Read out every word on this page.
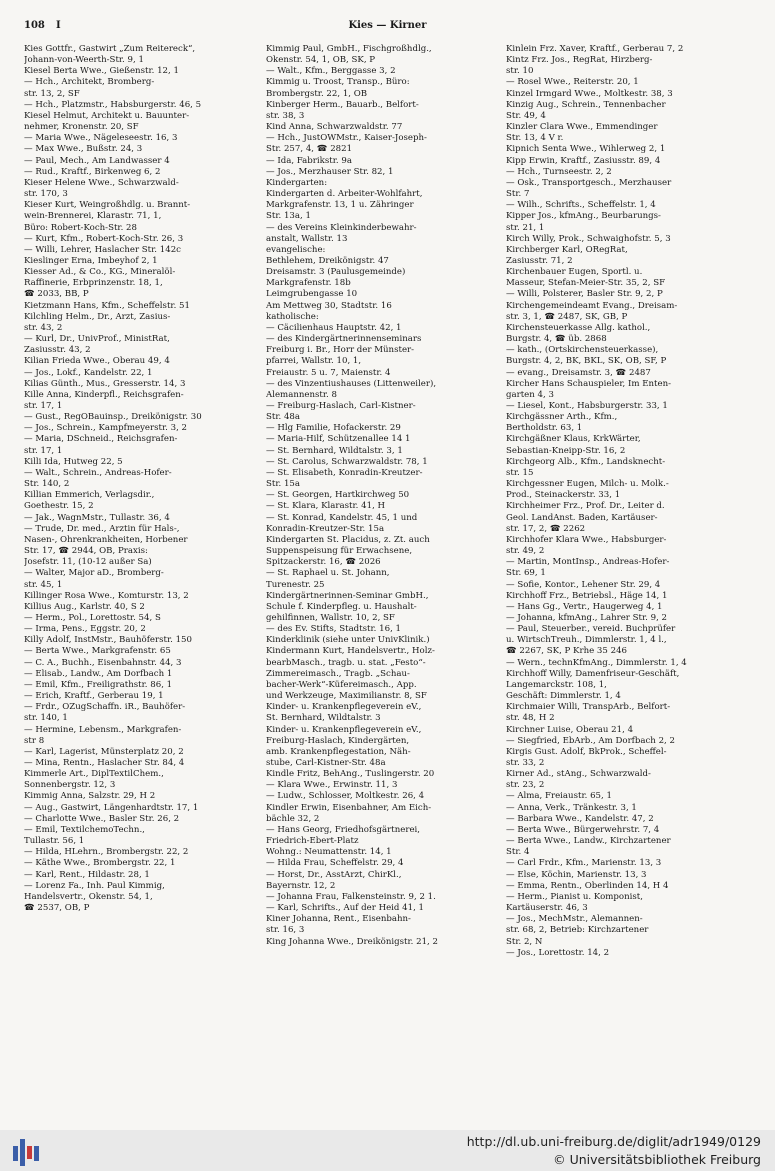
108 I	Kies — Kirner

Kies Gottfr., Gastwirt „Zum Reitereck“,

Johann-von-Weerth-Str. 9, 1

Kiesel Berta Wwe., Gießenstr. 12, 1

— Hch., Architekt, Bromberg-

str. 13, 2, SF

— Hch., Platzmstr., Habsburgerstr. 46, 5

Kiesel Helmut, Architekt u. Bauunter-

nehmer, Kronenstr. 20, SF

— Maria Wwe., Nägeleseestr. 16, 3

— Max Wwe., Bußstr. 24, 3

— Paul, Mech., Am Landwasser 4

— Rud., Kraftf., Birkenweg 6, 2

Kieser Helene Wwe., Schwarzwald-

str. 170, 3

Kieser Kurt, Weingroßhdlg. u. Brannt-

wein-Brennerei, Klarastr. 71, 1,

Büro: Robert-Koch-Str. 28

— Kurt, Kfm., Robert-Koch-Str. 26, 3

— Willi, Lehrer, Haslacher Str. 142c

Kieslinger Erna, Imbeyhof 2, 1

Kiesser Ad., & Co., KG., Mineralöl-

Raffinerie, Erbprinzenstr. 18, 1,

☎ 2033, BB, P

Kietzmann Hans, Kfm., Scheffelstr. 51

Kilchling Helm., Dr., Arzt, Zasius-

str. 43, 2

— Kurl, Dr., UnivProf., MinistRat,

Zasiusstr. 43, 2

Kilian Frieda Wwe., Oberau 49, 4

— Jos., Lokf., Kandelstr. 22, 1

Kilias Günth., Mus., Gresserstr. 14, 3

Kille Anna, Kinderpfl., Reichsgrafen-

str. 17, 1

— Gust., RegOBauinsp., Dreikönigstr. 30

— Jos., Schrein., Kampfmeyerstr. 3, 2

— Maria, DSchneid., Reichsgrafen-

str. 17, 1

Killi Ida, Hutweg 22, 5

— Walt., Schrein., Andreas-Hofer-

Str. 140, 2

Killian Emmerich, Verlagsdir.,

Goethestr. 15, 2

— Jak., WagnMstr., Tullastr. 36, 4

— Trude, Dr. med., Ärztin für Hals-,

Nasen-, Ohrenkrankheiten, Horbener

Str. 17, ☎ 2944, OB, Praxis:

Josefstr. 11, (10-12 außer Sa)

— Walter, Major aD., Bromberg-

str. 45, 1

Killinger Rosa Wwe., Komturstr. 13, 2

Killius Aug., Karlstr. 40, S 2

— Herm., Pol., Lorettostr. 54, S

— Irma, Pens., Eggstr. 20, 2

Killy Adolf, InstMstr., Bauhöferstr. 150

— Berta Wwe., Markgrafenstr. 65

— C. A., Buchh., Eisenbahnstr. 44, 3

— Elisab., Landw., Am Dorfbach 1

— Emil, Kfm., Freiligrathstr. 86, 1

— Erich, Kraftf., Gerberau 19, 1

— Frdr., OZugSchaffn. iR., Bauhöfer-

str. 140, 1

— Hermine, Lebensm., Markgrafen-

str 8

— Karl, Lagerist, Münsterplatz 20, 2

— Mina, Rentn., Haslacher Str. 84, 4

Kimmerle Art., DiplTextilChem.,

Sonnenbergstr. 12, 3

Kimmig Anna, Salzstr. 29, H 2

— Aug., Gastwirt, Längenhardtstr. 17, 1

— Charlotte Wwe., Basler Str. 26, 2

— Emil, TextilchemoTechn.,

Tullastr. 56, 1

— Hilda, HLehrn., Brombergstr. 22, 2

— Käthe Wwe., Brombergstr. 22, 1

— Karl, Rent., Hildastr. 28, 1

— Lorenz Fa., Inh. Paul Kimmig,

Handelsvertr., Okenstr. 54, 1,

☎ 2537, OB, P

Kimmig Paul, GmbH., Fischgroßhdlg.,

Okenstr. 54, 1, OB, SK, P

— Walt., Kfm., Berggasse 3, 2

Kimmig u. Troost, Transp., Büro:

Brombergstr. 22, 1, OB

Kinberger Herm., Bauarb., Belfort-

str. 38, 3

Kind Anna, Schwarzwaldstr. 77

— Hch., JustOWMstr., Kaiser-Joseph-

Str. 257, 4, ☎ 2821

— Ida, Fabrikstr. 9a

— Jos., Merzhauser Str. 82, 1

Kindergarten:

Kindergarten d. Arbeiter-Wohlfahrt,

Markgrafenstr. 13, 1 u. Zähringer

Str. 13a, 1

— des Vereins Kleinkinderbewahr-

anstalt, Wallstr. 13

evangelische:

Bethlehem, Dreikönigstr. 47

Dreisamstr. 3 (Paulusgemeinde)

Markgrafenstr. 18b

Leimgrubengasse 10

Am Mettweg 30, Stadtstr. 16

katholische:

— Cäcilienhaus Hauptstr. 42, 1

— des Kindergärtnerinnenseminars

Freiburg i. Br., Horr der Münster-

pfarrei, Wallstr. 10, 1,

Freiaustr. 5 u. 7, Maienstr. 4

— des Vinzentiushauses (Littenweiler),

Alemannenstr. 8

— Freiburg-Haslach, Carl-Kistner-

Str. 48a

— Hlg Familie, Hofackerstr. 29

— Maria-Hilf, Schützenallee 14 1

— St. Bernhard, Wildtalstr. 3, 1

— St. Carolus, Schwarzwaldstr. 78, 1

— St. Elisabeth, Konradin-Kreutzer-

Str. 15a

— St. Georgen, Hartkirchweg 50

— St. Klara, Klarastr. 41, H

— St. Konrad, Kandelstr. 45, 1 und

Konradin-Kreutzer-Str. 15a

Kindergarten St. Placidus, z. Zt. auch

Suppenspeisung für Erwachsene,

Spitzackerstr. 16, ☎ 2026

— St. Raphael u. St. Johann,

Turenestr. 25

Kindergärtnerinnen-Seminar GmbH.,

Schule f. Kinderpfleg. u. Haushalt-

gehilfinnen, Wallstr. 10, 2, SF

— des Ev. Stifts, Stadtstr. 16, 1

Kinderklinik (siehe unter UnivKlinik.)

Kindermann Kurt, Handelsvertr., Holz-

bearbMasch., tragb. u. stat. „Festo“-

Zimmereimasch., Tragb. „Schau-

bacher-Werk“-Küfereimasch., App.

und Werkzeuge, Maximilianstr. 8, SF

Kinder- u. Krankenpflegeverein eV.,

St. Bernhard, Wildtalstr. 3

Kinder- u. Krankenpflegeverein eV.,

Freiburg-Haslach, Kindergärten,

amb. Krankenpflegestation, Näh-

stube, Carl-Kistner-Str. 48a

Kindle Fritz, BehAng., Tuslingerstr. 20

— Klara Wwe., Erwinstr. 11, 3

— Ludw., Schlosser, Moltkestr. 26, 4

Kindler Erwin, Eisenbahner, Am Eich-

bächle 32, 2

— Hans Georg, Friedhofsgärtnerei,

Friedrich-Ebert-Platz

Wohng.: Neumattenstr. 14, 1

— Hilda Frau, Scheffelstr. 29, 4

— Horst, Dr., AsstArzt, ChirKl.,

Bayernstr. 12, 2

— Johanna Frau, Falkensteinstr. 9, 2 1.

— Karl, Schrifts., Auf der Heid 41, 1

Kiner Johanna, Rent., Eisenbahn-

str. 16, 3

King Johanna Wwe., Dreikönigstr. 21, 2

Kinlein Frz. Xaver, Kraftf., Gerberau 7, 2

Kintz Frz. Jos., RegRat, Hirzberg-

str. 10

— Rosel Wwe., Reiterstr. 20, 1

Kinzel Irmgard Wwe., Moltkestr. 38, 3

Kinzig Aug., Schrein., Tennenbacher

Str. 49, 4

Kinzler Clara Wwe., Emmendinger

Str. 13, 4 V r.

Kipnich Senta Wwe., Wihlerweg 2, 1

Kipp Erwin, Kraftf., Zasiusstr. 89, 4

— Hch., Turnseestr. 2, 2

— Osk., Transportgesch., Merzhauser

Str. 7

— Wilh., Schrifts., Scheffelstr. 1, 4

Kipper Jos., kfmAng., Beurbarungs-

str. 21, 1

Kirch Willy, Prok., Schwaighofstr. 5, 3

Kirchberger Karl, ORegRat,

Zasiusstr. 71, 2

Kirchenbauer Eugen, Sportl. u.

Masseur, Stefan-Meier-Str. 35, 2, SF

— Willi, Polsterer, Basler Str. 9, 2, P

Kirchengemeindeamt Evang., Dreisam-

str. 3, 1, ☎ 2487, SK, GB, P

Kirchensteuerkasse Allg. kathol.,

Burgstr. 4, ☎ üb. 2868

— kath., (Ortskirchensteuerkasse),

Burgstr. 4, 2, BK, BKL, SK, OB, SF, P

— evang., Dreisamstr. 3, ☎ 2487

Kircher Hans Schauspieler, Im Enten-

garten 4, 3

— Liesel, Kont., Habsburgerstr. 33, 1

Kirchgässner Arth., Kfm.,

Bertholdstr. 63, 1

Kirchgäßner Klaus, KrkWärter,

Sebastian-Kneipp-Str. 16, 2

Kirchgeorg Alb., Kfm., Landsknecht-

str. 15

Kirchgessner Eugen, Milch- u. Molk.-

Prod., Steinackerstr. 33, 1

Kirchheimer Frz., Prof. Dr., Leiter d.

Geol. LandAnst. Baden, Kartäuser-

str. 17, 2, ☎ 2262

Kirchhofer Klara Wwe., Habsburger-

str. 49, 2

— Martin, MontInsp., Andreas-Hofer-

Str. 69, 1

— Sofie, Kontor., Lehener Str. 29, 4

Kirchhoff Frz., Betriebsl., Häge 14, 1

— Hans Gg., Vertr., Haugerweg 4, 1

— Johanna, kfmAng., Lahrer Str. 9, 2

— Paul, Steuerber., vereid. Buchprüfer

u. WirtschTreuh., Dimmlerstr. 1, 4 l.,

☎ 2267, SK, P Krhe 35 246

— Wern., technKfmAng., Dimmlerstr. 1, 4

Kirchhoff Willy, Damenfriseur-Geschäft,

Langemarckstr. 108, 1,

Geschäft: Dimmlerstr. 1, 4

Kirchmaier Willi, TranspArb., Belfort-

str. 48, H 2

Kirchner Luise, Oberau 21, 4

— Siegfried, EbArb., Am Dorfbach 2, 2

Kirgis Gust. Adolf, BkProk., Scheffel-

str. 33, 2

Kirner Ad., stAng., Schwarzwald-

str. 23, 2

— Alma, Freiaustr. 65, 1

— Anna, Verk., Tränkestr. 3, 1

— Barbara Wwe., Kandelstr. 47, 2

— Berta Wwe., Bürgerwehrstr. 7, 4

— Berta Wwe., Landw., Kirchzartener

Str. 4

— Carl Frdr., Kfm., Marienstr. 13, 3

— Else, Köchin, Marienstr. 13, 3

— Emma, Rentn., Oberlinden 14, H 4

— Herm., Pianist u. Komponist,

Kartäuserstr. 46, 3

— Jos., MechMstr., Alemannen-

str. 68, 2, Betrieb: Kirchzartener

Str. 2, N

— Jos., Lorettostr. 14, 2

http://dl.ub.uni-freiburg.de/diglit/adr1949/0129
© Universitätsbibliothek Freiburg
